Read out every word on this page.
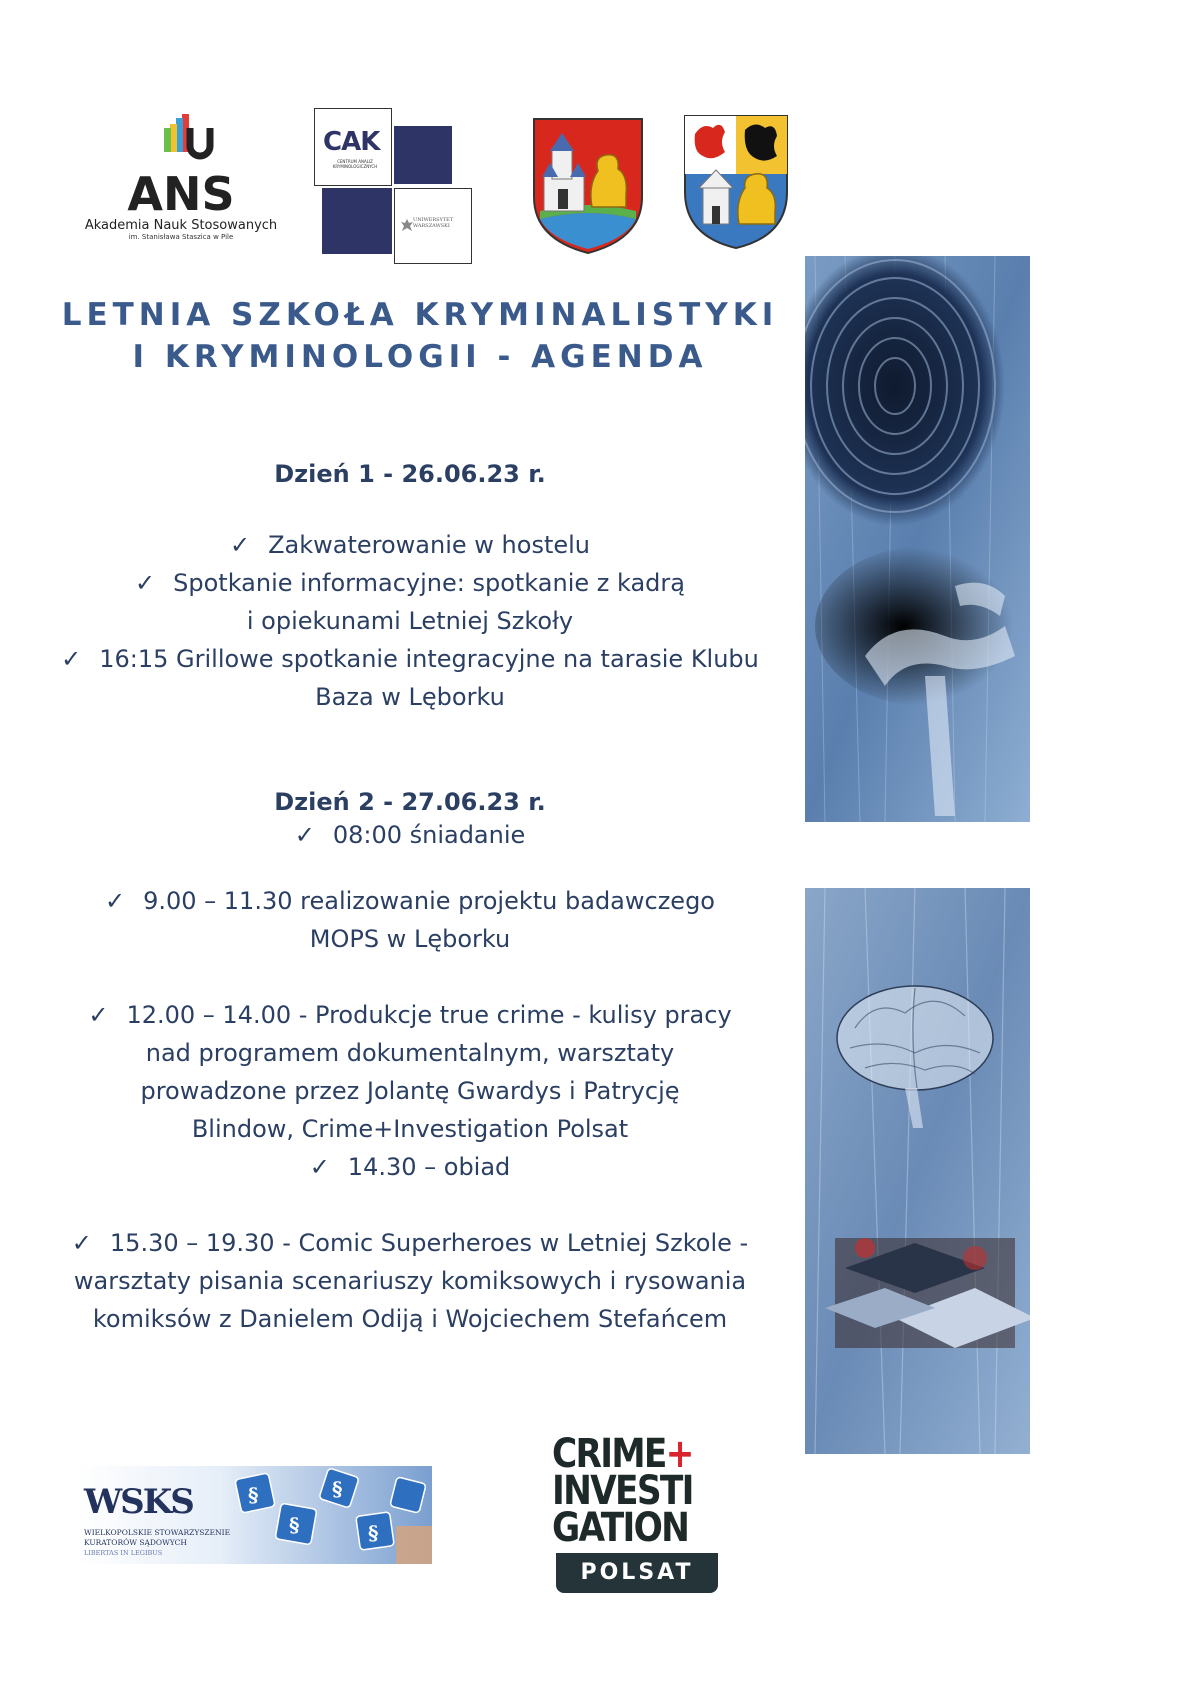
ANS
Akademia Nauk Stosowanych
im. Stanisława Staszica w Pile
CAK
CENTRUM ANALIZ KRYMINOLOGICZNYCH
UNIWERSYTET WARSZAWSKI
LETNIA SZKOŁA KRYMINALISTYKI
I KRYMINOLOGII - AGENDA
Dzień 1 - 26.06.23 r.
✓ Zakwaterowanie w hostelu
✓ Spotkanie informacyjne: spotkanie z kadrą
i opiekunami Letniej Szkoły
✓ 16:15 Grillowe spotkanie integracyjne na tarasie Klubu
Baza w Lęborku
Dzień 2 - 27.06.23 r.
✓ 08:00 śniadanie
✓ 9.00 – 11.30 realizowanie projektu badawczego
MOPS w Lęborku
✓ 12.00 – 14.00 - Produkcje true crime - kulisy pracy
nad programem dokumentalnym, warsztaty
prowadzone przez Jolantę Gwardys i Patrycję
Blindow, Crime+Investigation Polsat
✓ 14.30 – obiad
✓ 15.30 – 19.30 - Comic Superheroes w Letniej Szkole -
warsztaty pisania scenariuszy komiksowych i rysowania
komiksów z Danielem Odiją i Wojciechem Stefańcem
§
§
§
§
WSKS
WIELKOPOLSKIE STOWARZYSZENIE
KURATORÓW SĄDOWYCH
LIBERTAS IN LEGIBUS
CRIME+
INVESTI
GATION
POLSAT
